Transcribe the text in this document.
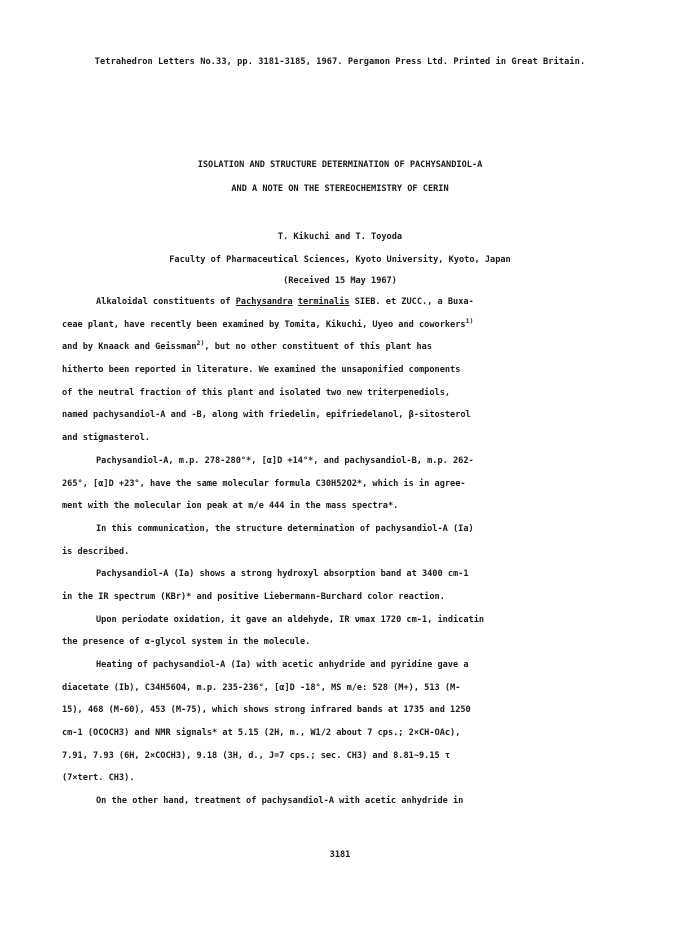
Tetrahedron Letters No.33, pp. 3181-3185, 1967. Pergamon Press Ltd. Printed in Great Britain.
ISOLATION AND STRUCTURE DETERMINATION OF PACHYSANDIOL-A
AND A NOTE ON THE STEREOCHEMISTRY OF CERIN
T. Kikuchi and T. Toyoda
Faculty of Pharmaceutical Sciences, Kyoto University, Kyoto, Japan
(Received 15 May 1967)
Alkaloidal constituents of Pachysandra terminalis SIEB. et ZUCC., a Buxa-
ceae plant, have recently been examined by Tomita, Kikuchi, Uyeo and coworkers$^{1)}$
and by Knaack and Geissman$^{2)}$, but no other constituent of this plant has
hitherto been reported in literature. We examined the unsaponified components
of the neutral fraction of this plant and isolated two new triterpenediols,
named pachysandiol-A and -B, along with friedelin, epifriedelanol, β-sitosterol
and stigmasterol.
Pachysandiol-A, m.p. 278-280°*, [α]D +14°*, and pachysandiol-B, m.p. 262-
265°, [α]D +23°, have the same molecular formula C30H52O2*, which is in agree-
ment with the molecular ion peak at m/e 444 in the mass spectra*.
In this communication, the structure determination of pachysandiol-A (Ia)
is described.
Pachysandiol-A (Ia) shows a strong hydroxyl absorption band at 3400 cm-1
in the IR spectrum (KBr)* and positive Liebermann-Burchard color reaction.
Upon periodate oxidation, it gave an aldehyde, IR νmax 1720 cm-1, indicatin
the presence of α-glycol system in the molecule.
Heating of pachysandiol-A (Ia) with acetic anhydride and pyridine gave a
diacetate (Ib), C34H56O4, m.p. 235-236°, [α]D -18°, MS m/e: 528 (M+), 513 (M-
15), 468 (M-60), 453 (M-75), which shows strong infrared bands at 1735 and 1250
cm-1 (OCOCH3) and NMR signals* at 5.15 (2H, m., W1/2 about 7 cps.; 2×CH-OAc),
7.91, 7.93 (6H, 2×COCH3), 9.18 (3H, d., J=7 cps.; sec. CH3) and 8.81~9.15 τ
(7×tert. CH3).
On the other hand, treatment of pachysandiol-A with acetic anhydride in
3181
